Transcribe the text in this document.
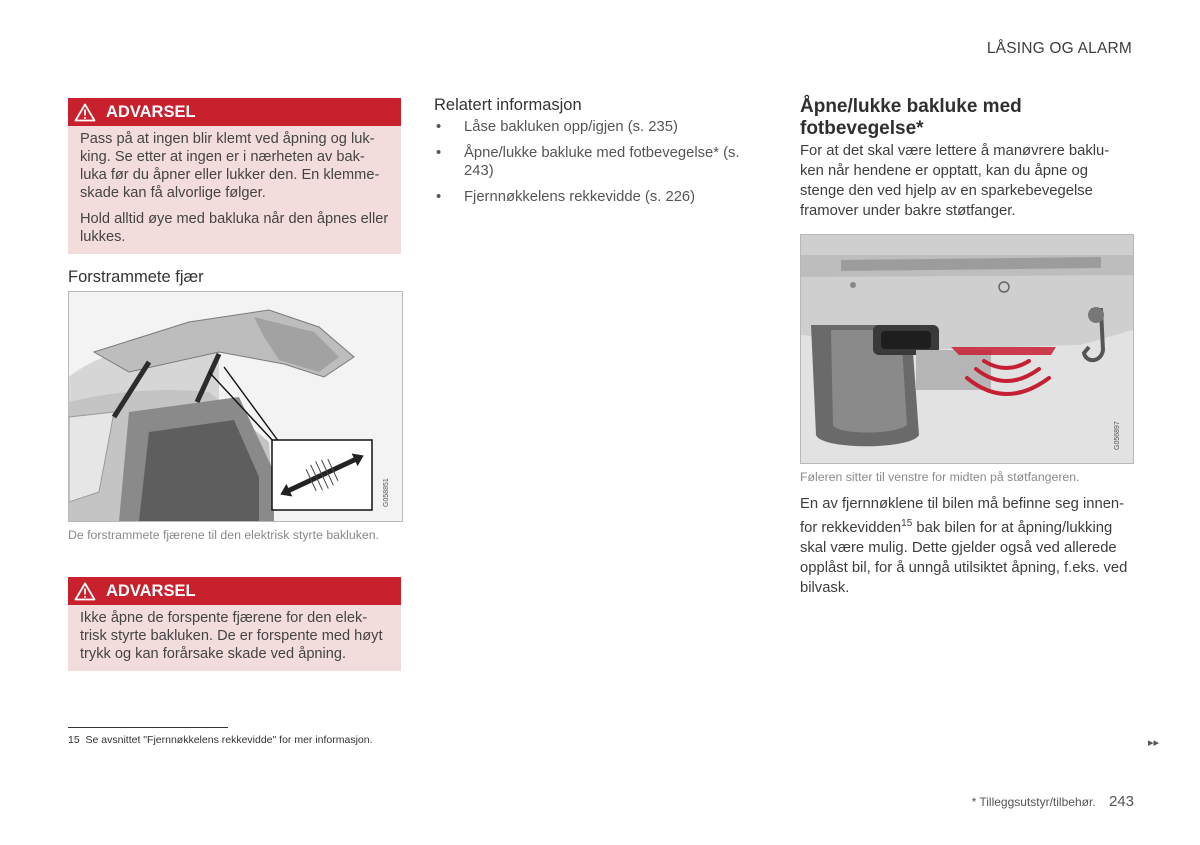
LÅSING OG ALARM
ADVARSEL

Pass på at ingen blir klemt ved åpning og luk-king. Se etter at ingen er i nærheten av bak-luka før du åpner eller lukker den. En klemme-skade kan få alvorlige følger.

Hold alltid øye med bakluka når den åpnes eller lukkes.

Forstrammete fjær
G058851
De forstrammete fjærene til den elektrisk styrte bakluken.
ADVARSEL

Ikke åpne de forspente fjærene for den elek-trisk styrte bakluken. De er forspente med høyt trykk og kan forårsake skade ved åpning.

15 Se avsnittet "Fjernnøkkelens rekkevidde" for mer informasjon.
Relatert informasjon
• Låse bakluken opp/igjen (s. 235)
• Åpne/lukke bakluke med fotbevegelse* (s. 243)
• Fjernnøkkelens rekkevidde (s. 226)
Åpne/lukke bakluke med fotbevegelse*
For at det skal være lettere å manøvrere baklu-ken når hendene er opptatt, kan du åpne og stenge den ved hjelp av en sparkebevegelse framover under bakre støtfanger.
G056897
Føleren sitter til venstre for midten på støtfangeren.
En av fjernnøklene til bilen må befinne seg innen-for rekkevidden$^{15}$ bak bilen for at åpning/lukking skal være mulig. Dette gjelder også ved allerede opplåst bil, for å unngå utilsiktet åpning, f.eks. ved bilvask.
▸▸
* Tilleggsutstyr/tilbehør. 243
